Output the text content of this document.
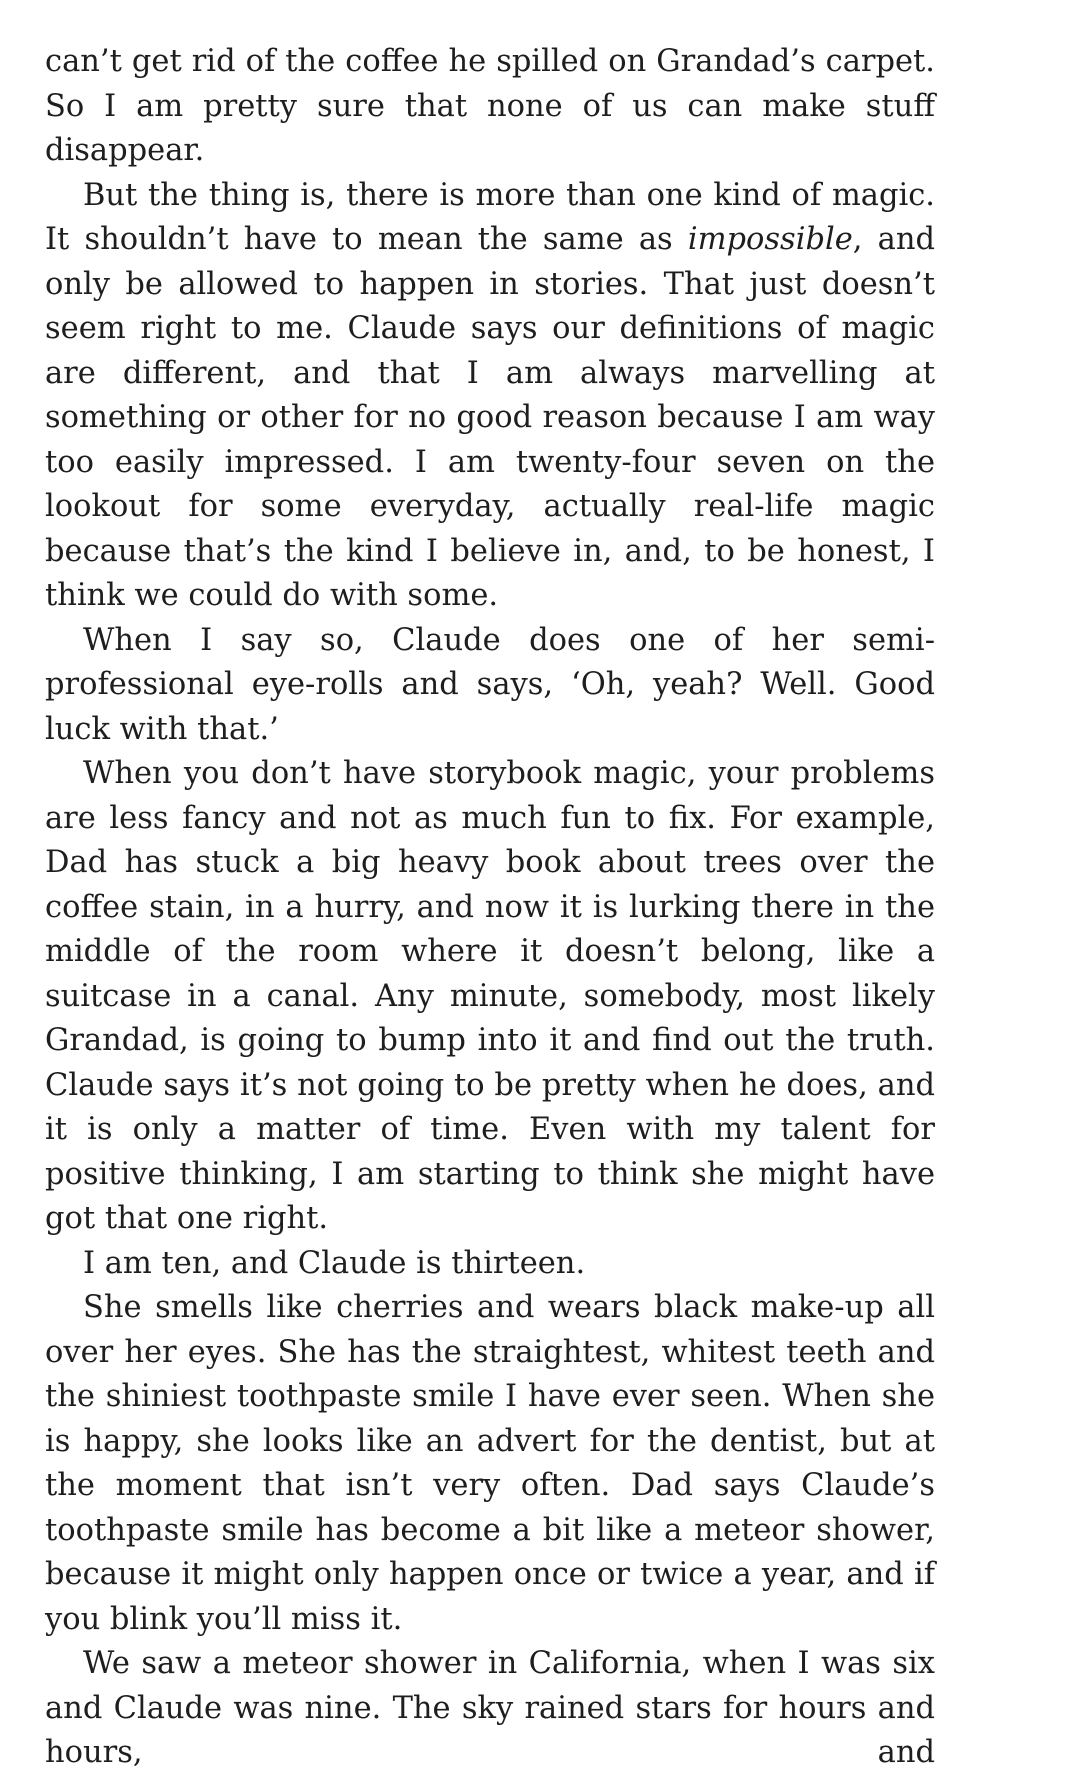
can’t get rid of the coffee he spilled on Grandad’s carpet. So I am pretty sure that none of us can make stuff disappear.

But the thing is, there is more than one kind of magic. It shouldn’t have to mean the same as impossible, and only be allowed to happen in stories. That just doesn’t seem right to me. Claude says our definitions of magic are different, and that I am always marvelling at something or other for no good reason because I am way too easily impressed. I am twenty-four seven on the lookout for some everyday, actually real-life magic because that’s the kind I believe in, and, to be honest, I think we could do with some.

When I say so, Claude does one of her semi-professional eye-rolls and says, ‘Oh, yeah? Well. Good luck with that.’

When you don’t have storybook magic, your problems are less fancy and not as much fun to fix. For example, Dad has stuck a big heavy book about trees over the coffee stain, in a hurry, and now it is lurking there in the middle of the room where it doesn’t belong, like a suitcase in a canal. Any minute, somebody, most likely Grandad, is going to bump into it and find out the truth. Claude says it’s not going to be pretty when he does, and it is only a matter of time. Even with my talent for positive thinking, I am starting to think she might have got that one right.

I am ten, and Claude is thirteen.

She smells like cherries and wears black make-up all over her eyes. She has the straightest, whitest teeth and the shiniest toothpaste smile I have ever seen. When she is happy, she looks like an advert for the dentist, but at the moment that isn’t very often. Dad says Claude’s toothpaste smile has become a bit like a meteor shower, because it might only happen once or twice a year, and if you blink you’ll miss it.

We saw a meteor shower in California, when I was six and Claude was nine. The sky rained stars for hours and hours, and
